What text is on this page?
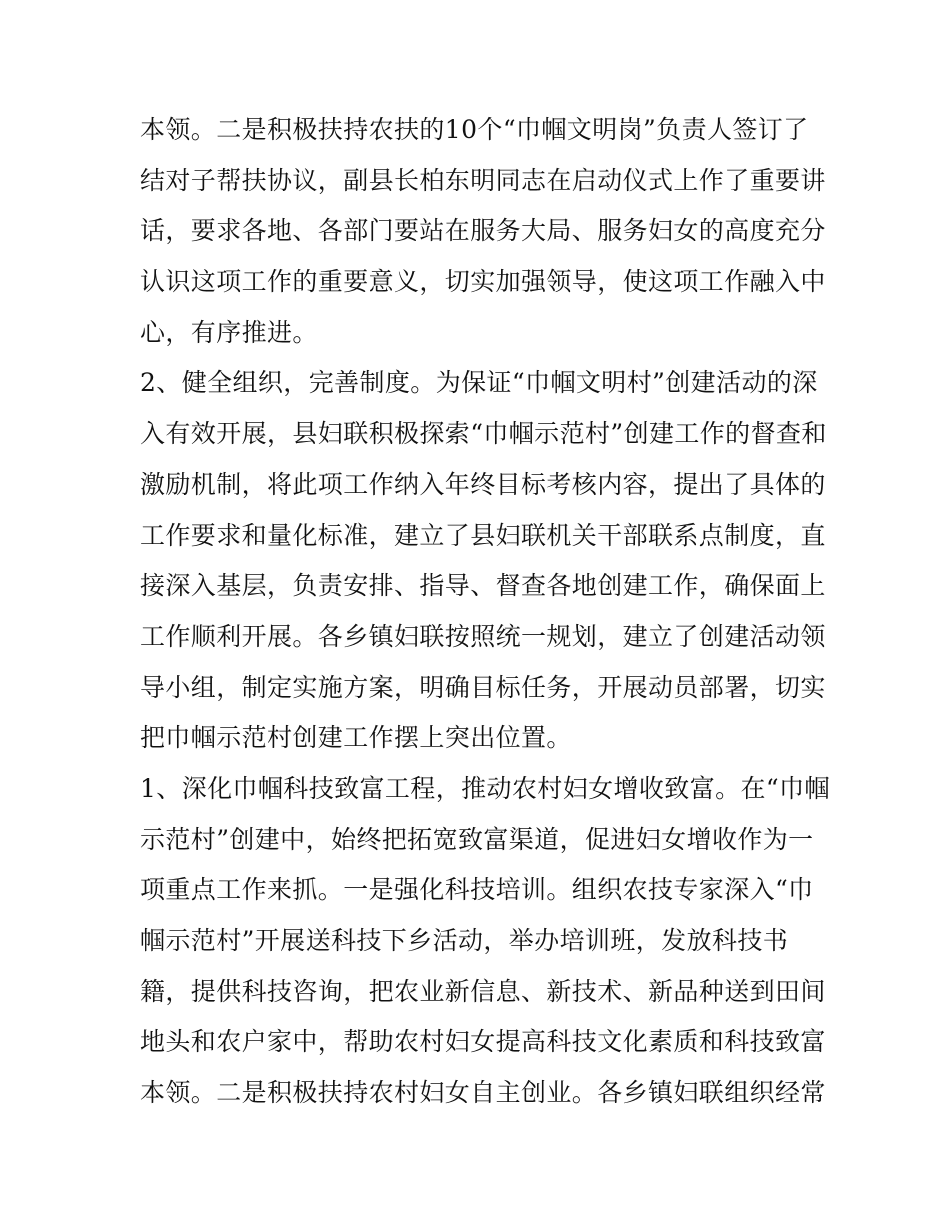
本领。二是积极扶持农扶的10个“巾帼文明岗”负责人签订了
结对子帮扶协议，副县长柏东明同志在启动仪式上作了重要讲
话，要求各地、各部门要站在服务大局、服务妇女的高度充分
认识这项工作的重要意义，切实加强领导，使这项工作融入中
心，有序推进。
2、健全组织，完善制度。为保证“巾帼文明村”创建活动的深
入有效开展，县妇联积极探索“巾帼示范村”创建工作的督查和
激励机制，将此项工作纳入年终目标考核内容，提出了具体的
工作要求和量化标准，建立了县妇联机关干部联系点制度，直
接深入基层，负责安排、指导、督查各地创建工作，确保面上
工作顺利开展。各乡镇妇联按照统一规划，建立了创建活动领
导小组，制定实施方案，明确目标任务，开展动员部署，切实
把巾帼示范村创建工作摆上突出位置。
1、深化巾帼科技致富工程，推动农村妇女增收致富。在“巾帼
示范村”创建中，始终把拓宽致富渠道，促进妇女增收作为一
项重点工作来抓。一是强化科技培训。组织农技专家深入“巾
帼示范村”开展送科技下乡活动，举办培训班，发放科技书
籍，提供科技咨询，把农业新信息、新技术、新品种送到田间
地头和农户家中，帮助农村妇女提高科技文化素质和科技致富
本领。二是积极扶持农村妇女自主创业。各乡镇妇联组织经常
